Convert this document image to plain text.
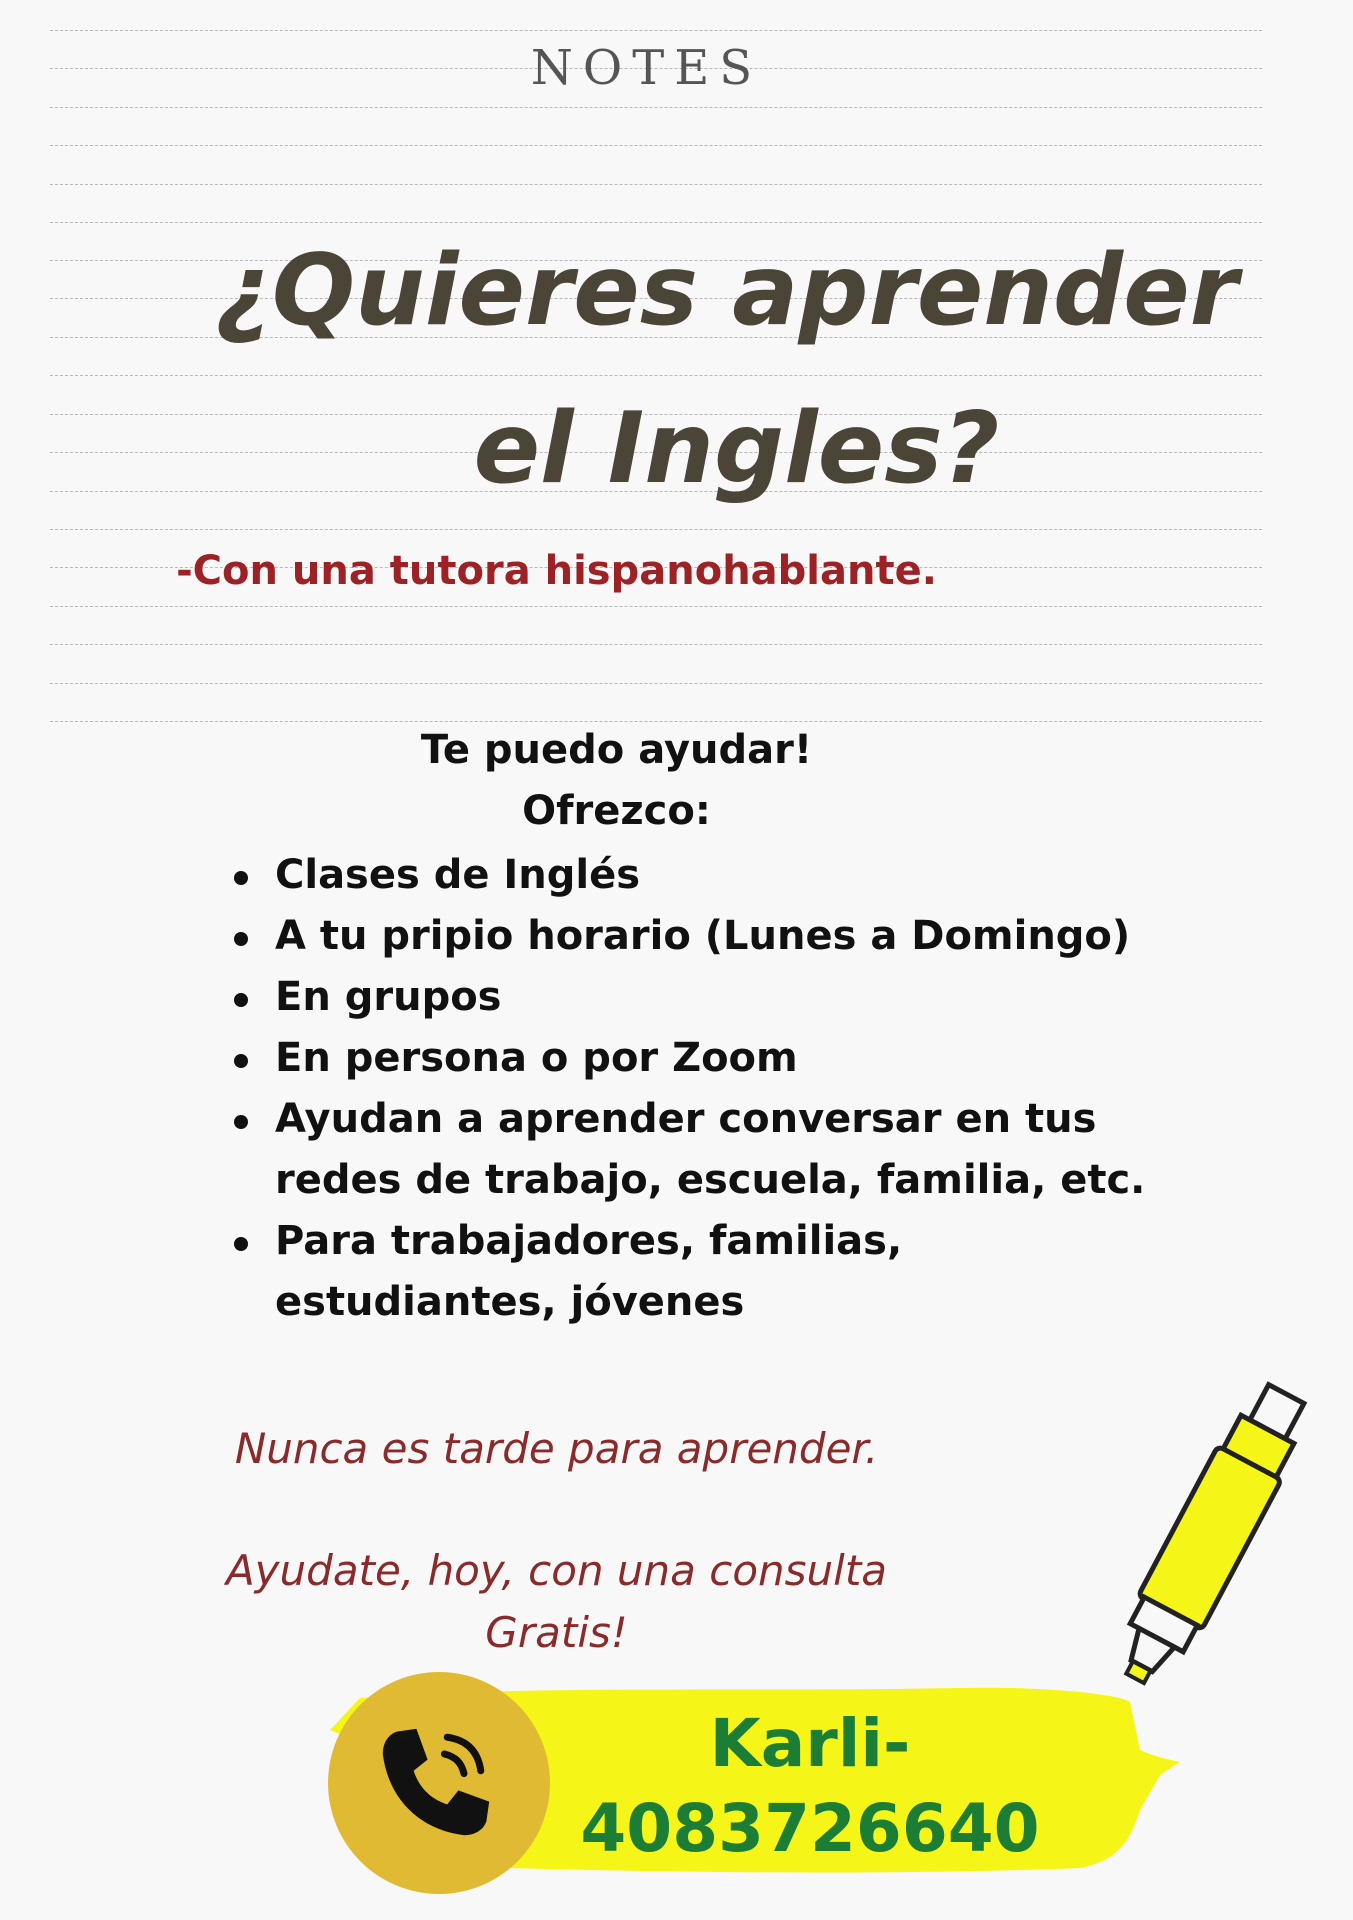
NOTES
¿Quieres aprender
el Ingles?
-Con una tutora hispanohablante.
Te puedo ayudar!
Ofrezco:
Clases de Inglés
A tu pripio horario (Lunes a Domingo)
En grupos
En persona o por Zoom
Ayudan a aprender conversar en tus redes de trabajo, escuela, familia, etc.
Para trabajadores, familias, estudiantes, jóvenes
Nunca es tarde para aprender.
Ayudate, hoy, con una consulta
Gratis!
Karli-
4083726640
